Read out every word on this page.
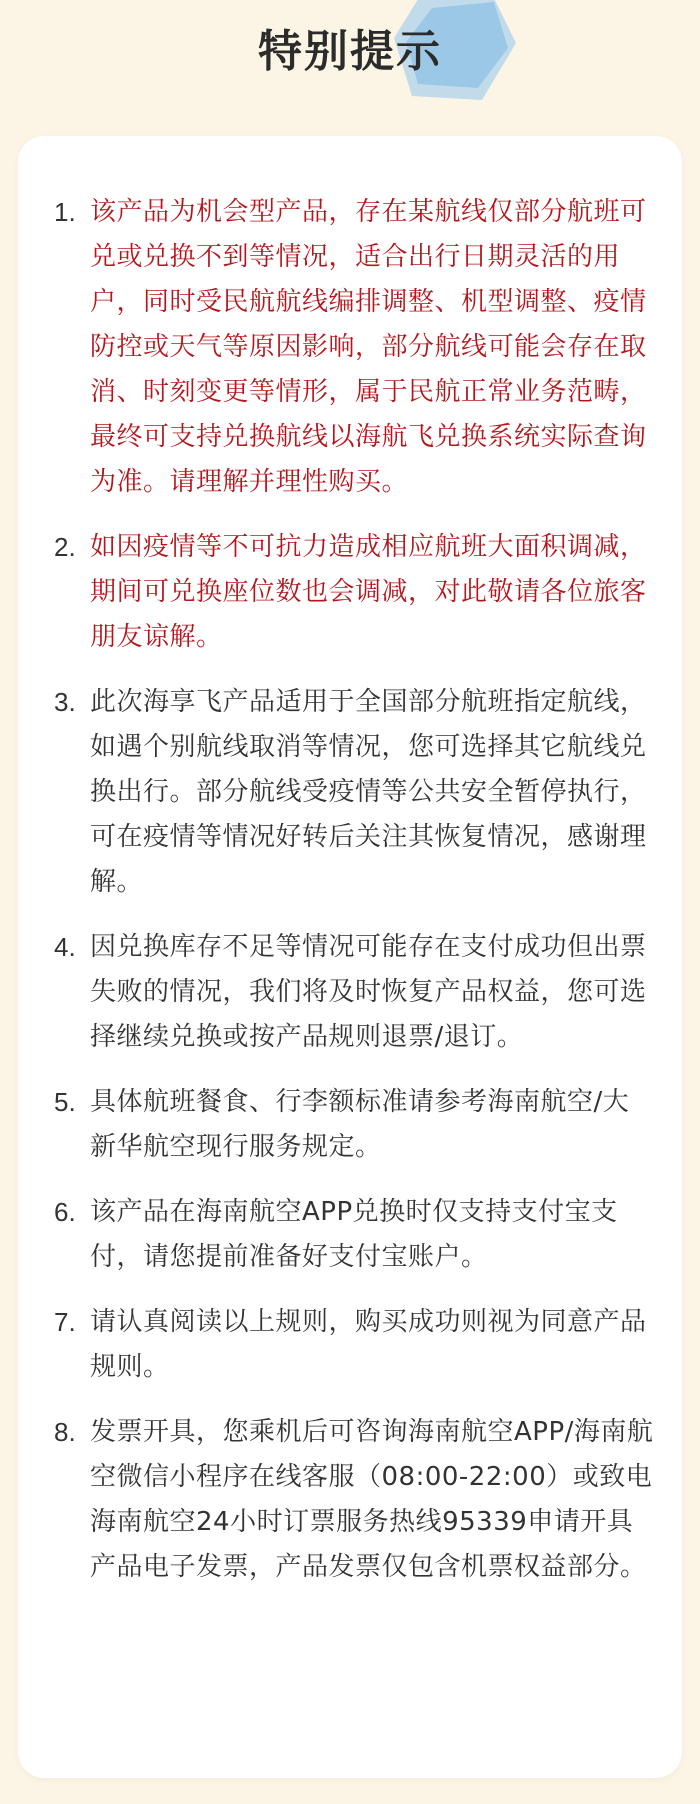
特别提示
1. 该产品为机会型产品，存在某航线仅部分航班可兑或兑换不到等情况，适合出行日期灵活的用户，同时受民航航线编排调整、机型调整、疫情防控或天气等原因影响，部分航线可能会存在取消、时刻变更等情形，属于民航正常业务范畴，最终可支持兑换航线以海航飞兑换系统实际查询为准。请理解并理性购买。
2. 如因疫情等不可抗力造成相应航班大面积调减，期间可兑换座位数也会调减，对此敬请各位旅客朋友谅解。
3. 此次海享飞产品适用于全国部分航班指定航线，如遇个别航线取消等情况，您可选择其它航线兑换出行。部分航线受疫情等公共安全暂停执行，可在疫情等情况好转后关注其恢复情况，感谢理解。
4. 因兑换库存不足等情况可能存在支付成功但出票失败的情况，我们将及时恢复产品权益，您可选择继续兑换或按产品规则退票/退订。
5. 具体航班餐食、行李额标准请参考海南航空/大新华航空现行服务规定。
6. 该产品在海南航空APP兑换时仅支持支付宝支付，请您提前准备好支付宝账户。
7. 请认真阅读以上规则，购买成功则视为同意产品规则。
8. 发票开具，您乘机后可咨询海南航空APP/海南航空微信小程序在线客服（08:00-22:00）或致电海南航空24小时订票服务热线95339申请开具产品电子发票，产品发票仅包含机票权益部分。
